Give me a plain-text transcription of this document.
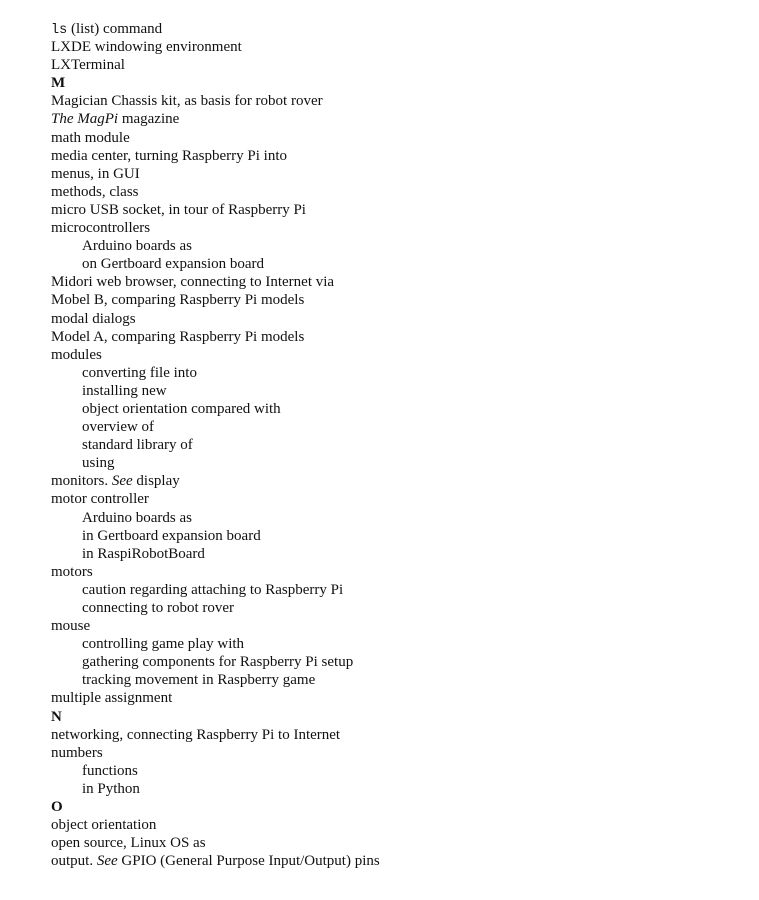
ls (list) command
LXDE windowing environment
LXTerminal
M
Magician Chassis kit, as basis for robot rover
The MagPi magazine
math module
media center, turning Raspberry Pi into
menus, in GUI
methods, class
micro USB socket, in tour of Raspberry Pi
microcontrollers
Arduino boards as
on Gertboard expansion board
Midori web browser, connecting to Internet via
Mobel B, comparing Raspberry Pi models
modal dialogs
Model A, comparing Raspberry Pi models
modules
converting file into
installing new
object orientation compared with
overview of
standard library of
using
monitors. See display
motor controller
Arduino boards as
in Gertboard expansion board
in RaspiRobotBoard
motors
caution regarding attaching to Raspberry Pi
connecting to robot rover
mouse
controlling game play with
gathering components for Raspberry Pi setup
tracking movement in Raspberry game
multiple assignment
N
networking, connecting Raspberry Pi to Internet
numbers
functions
in Python
O
object orientation
open source, Linux OS as
output. See GPIO (General Purpose Input/Output) pins
